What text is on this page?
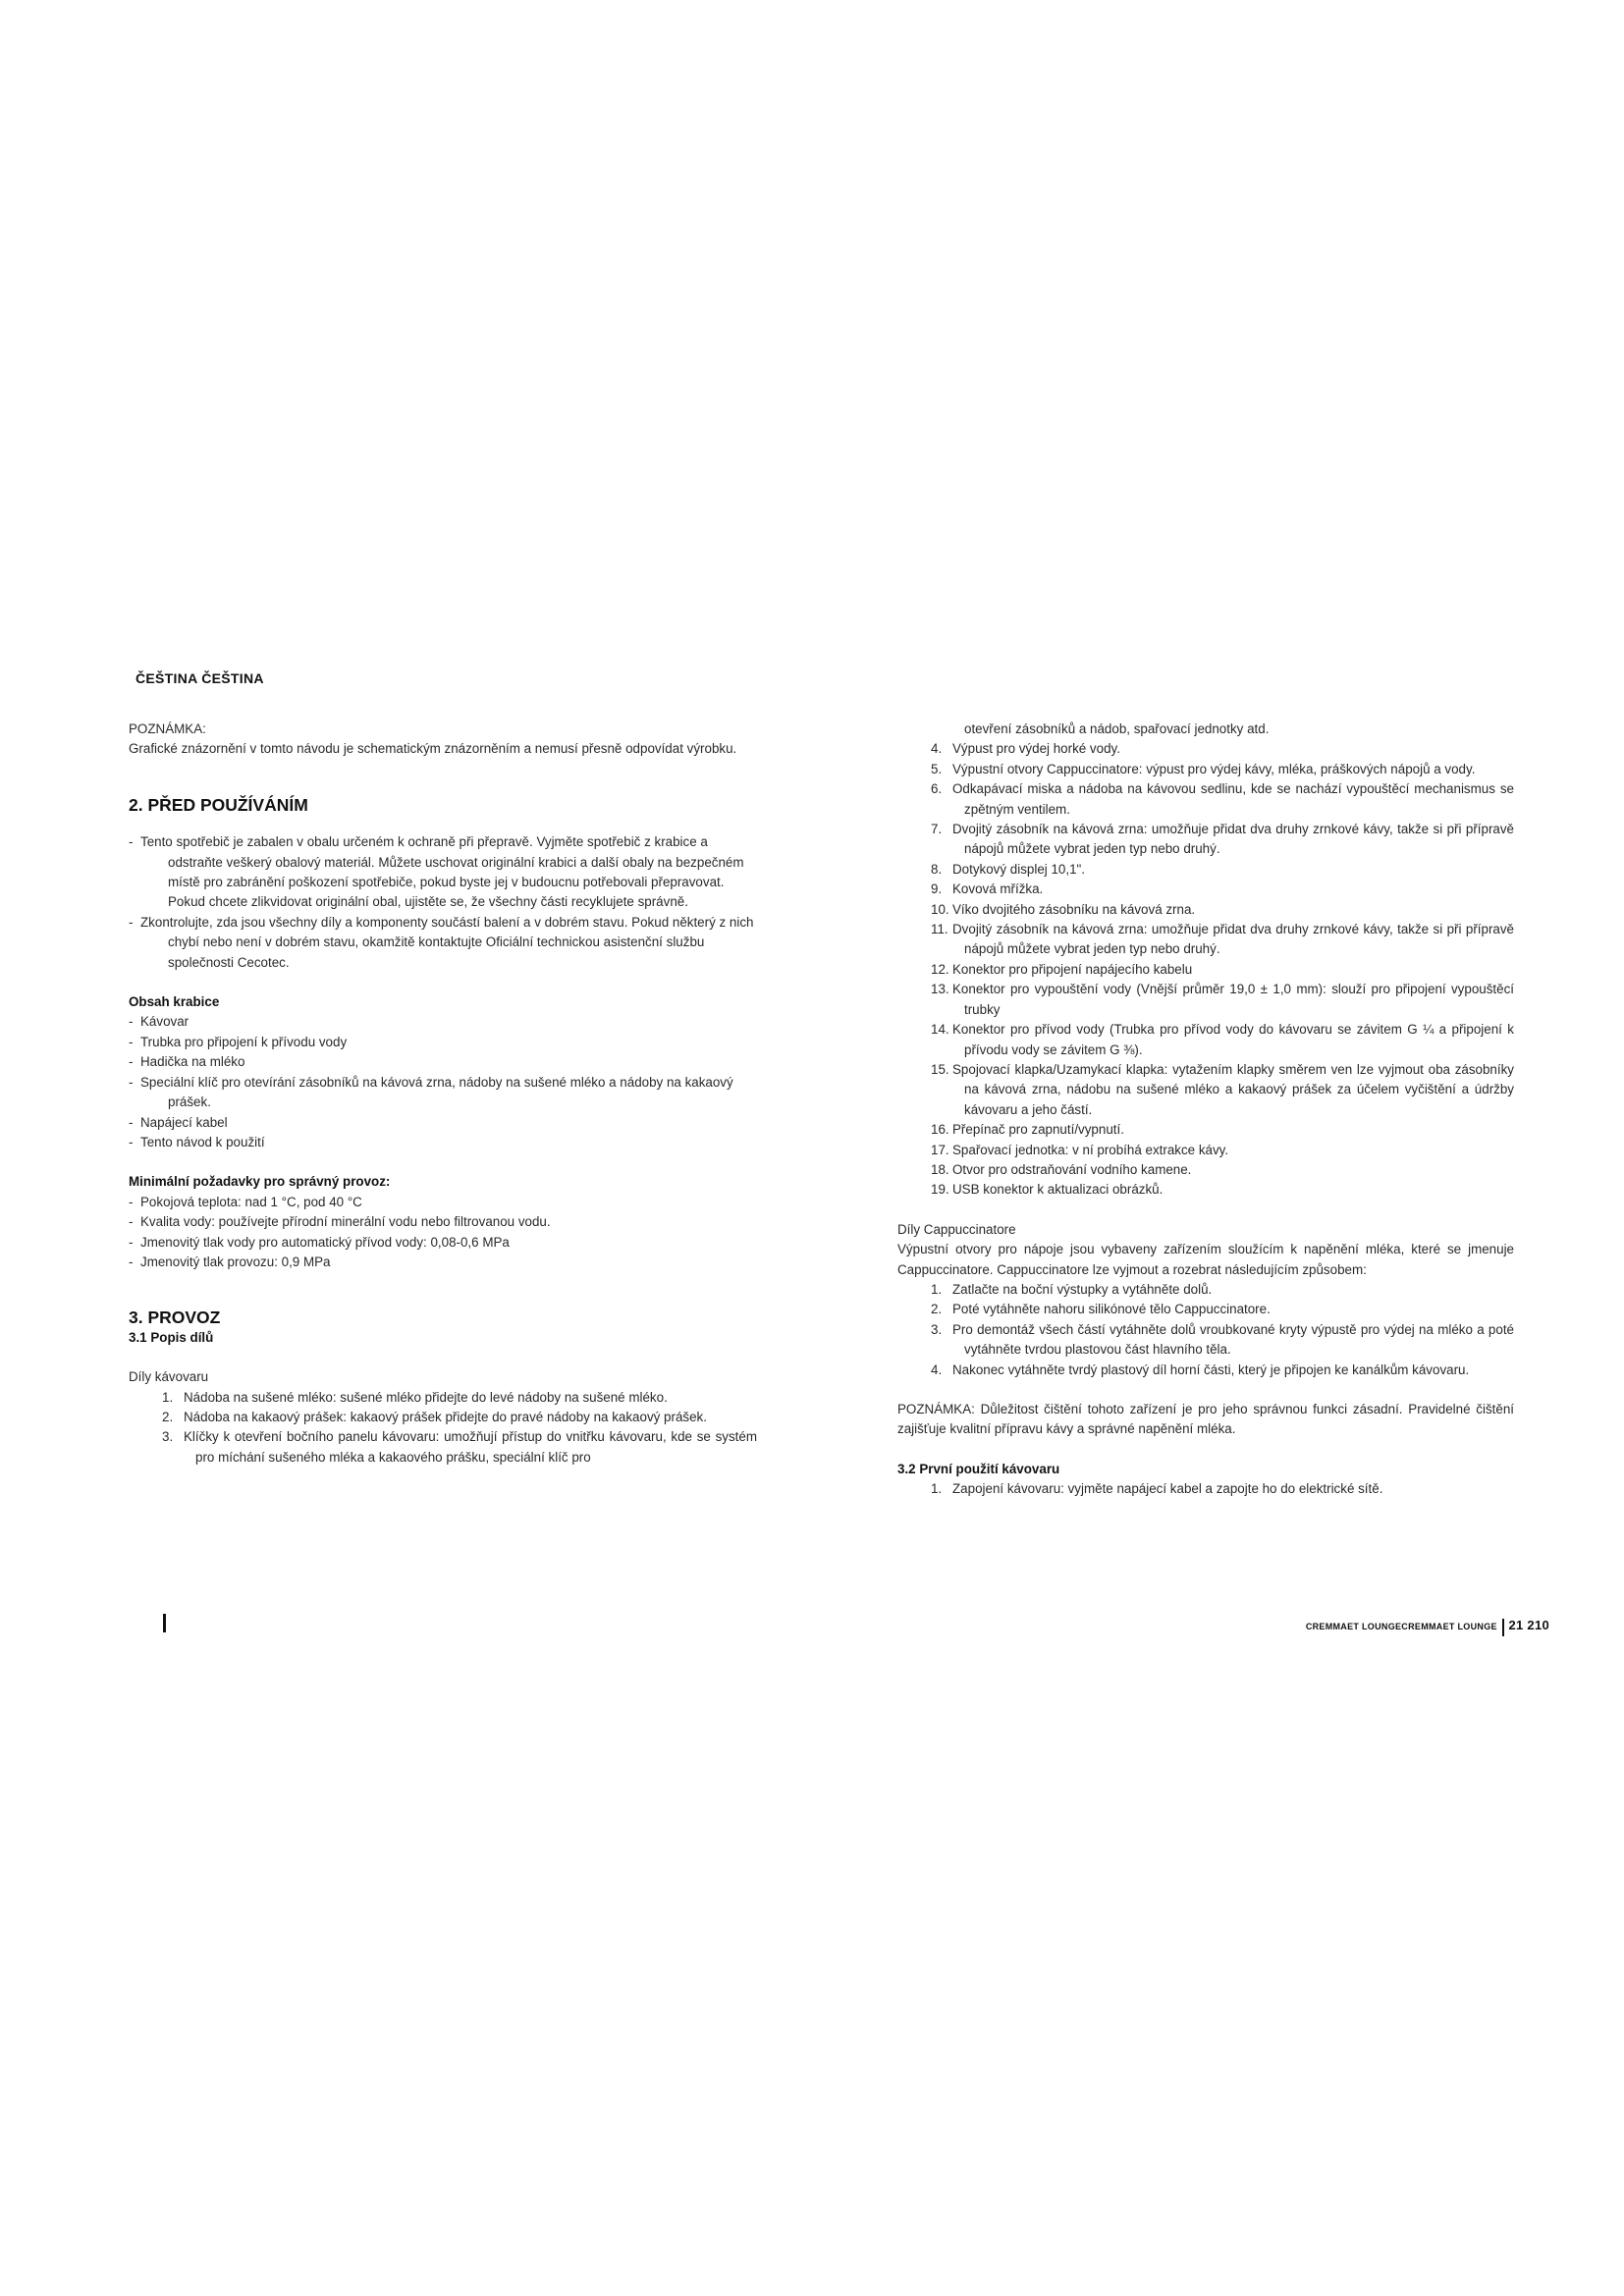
ČEŠTINA ČEŠTINA

POZNÁMKA:

Grafické znázornění v tomto návodu je schematickým znázorněním a nemusí přesně odpovídat výrobku.

2. PŘED POUŽÍVÁNÍM
- Tento spotřebič je zabalen v obalu určeném k ochraně při přepravě. Vyjměte spotřebič z krabice a odstraňte veškerý obalový materiál. Můžete uschovat originální krabici a další obaly na bezpečném místě pro zabránění poškození spotřebiče, pokud byste jej v budoucnu potřebovali přepravovat. Pokud chcete zlikvidovat originální obal, ujistěte se, že všechny části recyklujete správně.
- Zkontrolujte, zda jsou všechny díly a komponenty součástí balení a v dobrém stavu. Pokud některý z nich chybí nebo není v dobrém stavu, okamžitě kontaktujte Oficiální technickou asistenční službu společnosti Cecotec.

Obsah krabice

- Kávovar
- Trubka pro připojení k přívodu vody
- Hadička na mléko
- Speciální klíč pro otevírání zásobníků na kávová zrna, nádoby na sušené mléko a nádoby na kakaový prášek.
- Napájecí kabel
- Tento návod k použití

Minimální požadavky pro správný provoz:

- Pokojová teplota: nad 1 °C, pod 40 °C
- Kvalita vody: používejte přírodní minerální vodu nebo filtrovanou vodu.
- Jmenovitý tlak vody pro automatický přívod vody: 0,08-0,6 MPa
- Jmenovitý tlak provozu: 0,9 MPa
3. PROVOZ

3.1 Popis dílů

Díly kávovaru

1. Nádoba na sušené mléko: sušené mléko přidejte do levé nádoby na sušené mléko.
2. Nádoba na kakaový prášek: kakaový prášek přidejte do pravé nádoby na kakaový prášek.
3. Klíčky k otevření bočního panelu kávovaru: umožňují přístup do vnitřku kávovaru, kde se systém pro míchání sušeného mléka a kakaového prášku, speciální klíč pro

otevření zásobníků a nádob, spařovací jednotky atd.

4. Výpust pro výdej horké vody.
5. Výpustní otvory Cappuccinatore: výpust pro výdej kávy, mléka, práškových nápojů a vody.
6. Odkapávací miska a nádoba na kávovou sedlinu, kde se nachází vypouštěcí mechanismus se zpětným ventilem.
7. Dvojitý zásobník na kávová zrna: umožňuje přidat dva druhy zrnkové kávy, takže si při přípravě nápojů můžete vybrat jeden typ nebo druhý.
8. Dotykový displej 10,1".
9. Kovová mřížka.
10. Víko dvojitého zásobníku na kávová zrna.
11. Dvojitý zásobník na kávová zrna: umožňuje přidat dva druhy zrnkové kávy, takže si při přípravě nápojů můžete vybrat jeden typ nebo druhý.
12. Konektor pro připojení napájecího kabelu
13. Konektor pro vypouštění vody (Vnější průměr 19,0 ± 1,0 mm): slouží pro připojení vypouštěcí trubky
14. Konektor pro přívod vody (Trubka pro přívod vody do kávovaru se závitem G ¼ a připojení k přívodu vody se závitem G ⅜).
15. Spojovací klapka/Uzamykací klapka: vytažením klapky směrem ven lze vyjmout oba zásobníky na kávová zrna, nádobu na sušené mléko a kakaový prášek za účelem vyčištění a údržby kávovaru a jeho částí.
16. Přepínač pro zapnutí/vypnutí.
17. Spařovací jednotka: v ní probíhá extrakce kávy.
18. Otvor pro odstraňování vodního kamene.
19. USB konektor k aktualizaci obrázků.

Díly Cappuccinatore

Výpustní otvory pro nápoje jsou vybaveny zařízením sloužícím k napěnění mléka, které se jmenuje Cappuccinatore. Cappuccinatore lze vyjmout a rozebrat následujícím způsobem:

1. Zatlačte na boční výstupky a vytáhněte dolů.
2. Poté vytáhněte nahoru silikónové tělo Cappuccinatore.
3. Pro demontáž všech částí vytáhněte dolů vroubkované kryty výpustě pro výdej na mléko a poté vytáhněte tvrdou plastovou část hlavního těla.
4. Nakonec vytáhněte tvrdý plastový díl horní části, který je připojen ke kanálkům kávovaru.

POZNÁMKA: Důležitost čištění tohoto zařízení je pro jeho správnou funkci zásadní. Pravidelné čištění zajišťuje kvalitní přípravu kávy a správné napěnění mléka.

3.2 První použití kávovaru

1. Zapojení kávovaru: vyjměte napájecí kabel a zapojte ho do elektrické sítě.
CREMMAET LOUNGECREMMAET LOUNGE 21 210
